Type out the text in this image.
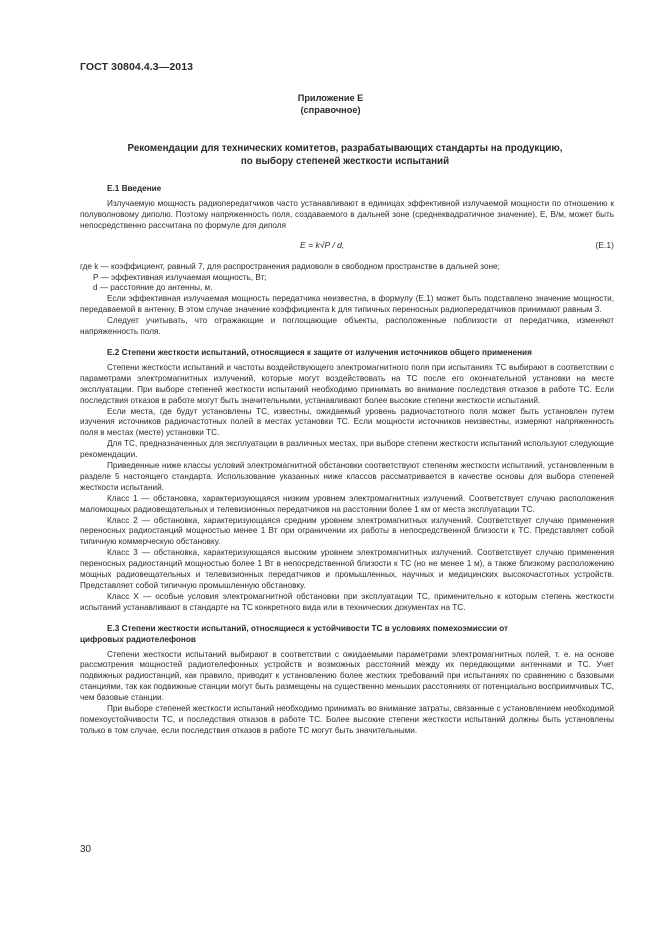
ГОСТ 30804.4.3—2013
Приложение Е
(справочное)
Рекомендации для технических комитетов, разрабатывающих стандарты на продукцию,
по выбору степеней жесткости испытаний
Е.1 Введение

Излучаемую мощность радиопередатчиков часто устанавливают в единицах эффективной излучаемой мощности по отношению к полуволновому диполю. Поэтому напряженность поля, создаваемого в дальней зоне (среднеквадратичное значение), Е, В/м, может быть непосредственно рассчитана по формуле для диполя

Е = k√P / d,	(Е.1)

где k — коэффициент, равный 7, для распространения радиоволн в свободном пространстве в дальней зоне;

P — эффективная излучаемая мощность, Вт;

d — расстояние до антенны, м.

Если эффективная излучаемая мощность передатчика неизвестна, в формулу (Е.1) может быть подставлено значение мощности, передаваемой в антенну. В этом случае значение коэффициента k для типичных переносных радиопередатчиков принимают равным 3.

Следует учитывать, что отражающие и поглощающие объекты, расположенные поблизости от передатчика, изменяют напряженность поля.

Е.2 Степени жесткости испытаний, относящиеся к защите от излучения источников общего применения

Степени жесткости испытаний и частоты воздействующего электромагнитного поля при испытаниях ТС выбирают в соответствии с параметрами электромагнитных излучений, которые могут воздействовать на ТС после его окончательной установки на месте эксплуатации. При выборе степеней жесткости испытаний необходимо принимать во внимание последствия отказов в работе ТС. Если последствия отказов в работе могут быть значительными, устанавливают более высокие степени жесткости испытаний.

Если места, где будут установлены ТС, известны, ожидаемый уровень радиочастотного поля может быть установлен путем изучения источников радиочастотных полей в местах установки ТС. Если мощности источников неизвестны, измеряют напряженность поля в местах (месте) установки ТС.

Для ТС, предназначенных для эксплуатации в различных местах, при выборе степени жесткости испытаний используют следующие рекомендации.

Приведенные ниже классы условий электромагнитной обстановки соответствуют степеням жесткости испытаний, установленным в разделе 5 настоящего стандарта. Использование указанных ниже классов рассматривается в качестве основы для выбора степеней жесткости испытаний.

Класс 1 — обстановка, характеризующаяся низким уровнем электромагнитных излучений. Соответствует случаю расположения маломощных радиовещательных и телевизионных передатчиков на расстоянии более 1 км от места эксплуатации ТС.

Класс 2 — обстановка, характеризующаяся средним уровнем электромагнитных излучений. Соответствует случаю применения переносных радиостанций мощностью менее 1 Вт при ограничении их работы в непосредственной близости к ТС. Представляет собой типичную коммерческую обстановку.

Класс 3 — обстановка, характеризующаяся высоким уровнем электромагнитных излучений. Соответствует случаю применения переносных радиостанций мощностью более 1 Вт в непосредственной близости к ТС (но не менее 1 м), а также близкому расположению мощных радиовещательных и телевизионных передатчиков и промышленных, научных и медицинских высокочастотных устройств. Представляет собой типичную промышленную обстановку.

Класс Х — особые условия электромагнитной обстановки при эксплуатации ТС, применительно к которым степень жесткости испытаний устанавливают в стандарте на ТС конкретного вида или в технических документах на ТС.

Е.3 Степени жесткости испытаний, относящиеся к устойчивости ТС в условиях помехоэмиссии от
цифровых радиотелефонов

Степени жесткости испытаний выбирают в соответствии с ожидаемыми параметрами электромагнитных полей, т. е. на основе рассмотрения мощностей радиотелефонных устройств и возможных расстояний между их передающими антеннами и ТС. Учет подвижных радиостанций, как правило, приводит к установлению более жестких требований при испытаниях по сравнению с базовыми станциями, так как подвижные станции могут быть размещены на существенно меньших расстояниях от потенциально восприимчивых ТС, чем базовые станции.

При выборе степеней жесткости испытаний необходимо принимать во внимание затраты, связанные с установлением необходимой помехоустойчивости ТС, и последствия отказов в работе ТС. Более высокие степени жесткости испытаний должны быть установлены только в том случае, если последствия отказов в работе ТС могут быть значительными.

30
